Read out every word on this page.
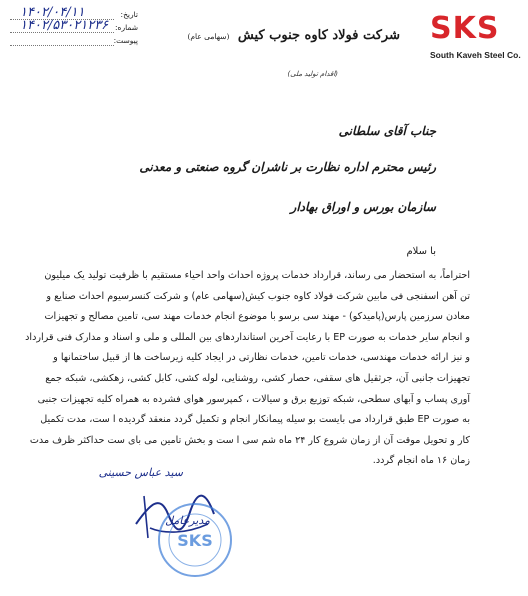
SKS
South Kaveh Steel Co.
شرکت فولاد کاوه جنوب کیش (سهامی عام)
(اقدام تولید ملی)
تاریخ:
۱۴۰۲/۰۴/۱۱
شماره:
۱۴۰۲/۵۳۰۲۱۲۳۶
پیوست:
جناب آقای سلطانی
رئیس محترم اداره نظارت بر ناشران گروه صنعتی و معدنی
سازمان بورس و اوراق بهادار
با سلام
احتراماً، به استحضار می رساند، قرارداد خدمات پروژه احداث واحد احیاء مستقیم با ظرفیت تولید یک میلیون
تن آهن اسفنجی فی مابین شرکت فولاد کاوه جنوب کیش(سهامی عام) و شرکت کنسرسیوم احداث صنایع و
معادن سرزمین پارس(پامیدکو) - مهند سی برسو با موضوع انجام خدمات مهند سی، تامین مصالح و تجهیزات
و انجام سایر خدمات به صورت EP با رعایت آخرین استانداردهای بین المللی و ملی و اسناد و مدارک فنی قرارداد
و نیز ارائه خدمات مهندسی، خدمات تامین، خدمات نظارتی در ایجاد کلیه زیرساخت ها از قبیل ساختمانها و
تجهیزات جانبی آن، جرثقیل های سقفی، حصار کشی، روشنایی، لوله کشی، کابل کشی، زهکشی، شبکه جمع
آوری پساب و آبهای سطحی، شبکه توزیع برق و سیالات ، کمپرسور هوای فشرده به همراه کلیه تجهیزات جنبی
به صورت EP طبق قرارداد می بایست بو سیله پیمانکار انجام و تکمیل گردد منعقد گردیده ا ست، مدت تکمیل
کار و تحویل موقت آن از زمان شروع کار ۲۴ ماه شم سی ا ست و بخش تامین می بای ست حداکثر ظرف مدت
زمان ۱۶ ماه انجام گردد.
سید عباس حسینی
SKS
مدیرعامل
